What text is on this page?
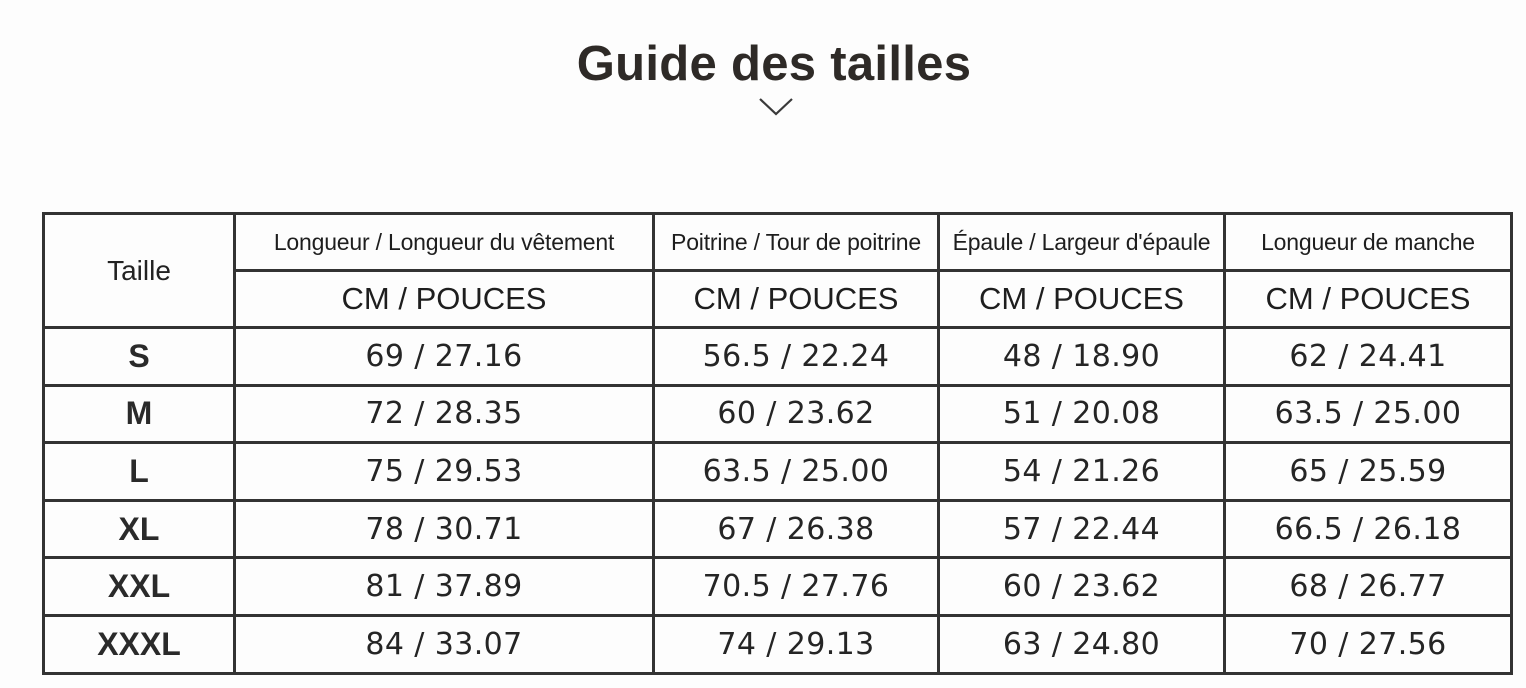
Guide des tailles
Taille	Longueur / Longueur du vêtement	Poitrine / Tour de poitrine	Épaule / Largeur d'épaule	Longueur de manche
	CM / POUCES	CM / POUCES	CM / POUCES	CM / POUCES
S	69 / 27.16	56.5 / 22.24	48 / 18.90	62 / 24.41
M	72 / 28.35	60 / 23.62	51 / 20.08	63.5 / 25.00
L	75 / 29.53	63.5 / 25.00	54 / 21.26	65 / 25.59
XL	78 / 30.71	67 / 26.38	57 / 22.44	66.5 / 26.18
XXL	81 / 37.89	70.5 / 27.76	60 / 23.62	68 / 26.77
XXXL	84 / 33.07	74 / 29.13	63 / 24.80	70 / 27.56
